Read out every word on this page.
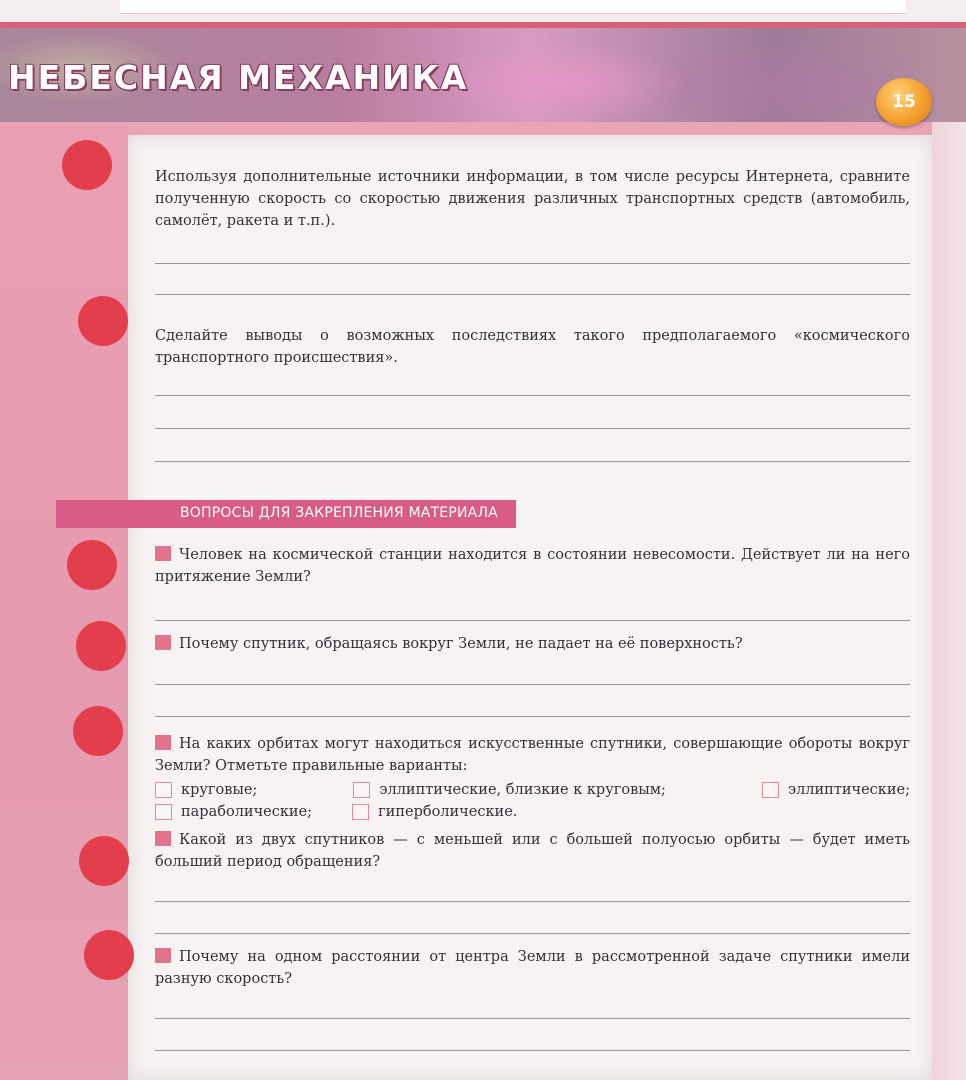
НЕБЕСНАЯ МЕХАНИКА
15
Используя дополнительные источники информации, в том числе ресурсы Интернета, сравните полученную скорость со скоростью движения различных транспортных средств (автомобиль, самолёт, ракета и т.п.).
Сделайте выводы о возможных последствиях такого предполагаемого «космического транспортного происшествия».
ВОПРОСЫ ДЛЯ ЗАКРЕПЛЕНИЯ МАТЕРИАЛА
Человек на космической станции находится в состоянии невесомости. Действует ли на него притяжение Земли?
Почему спутник, обращаясь вокруг Земли, не падает на её поверхность?
На каких орбитах могут находиться искусственные спутники, совершающие обороты вокруг Земли? Отметьте правильные варианты:
круговые;	эллиптические, близкие к круговым;	эллиптические;
параболические;	гиперболические.
Какой из двух спутников — с меньшей или с большей полуосью орбиты — будет иметь больший период обращения?
Почему на одном расстоянии от центра Земли в рассмотренной задаче спутники имели разную скорость?
